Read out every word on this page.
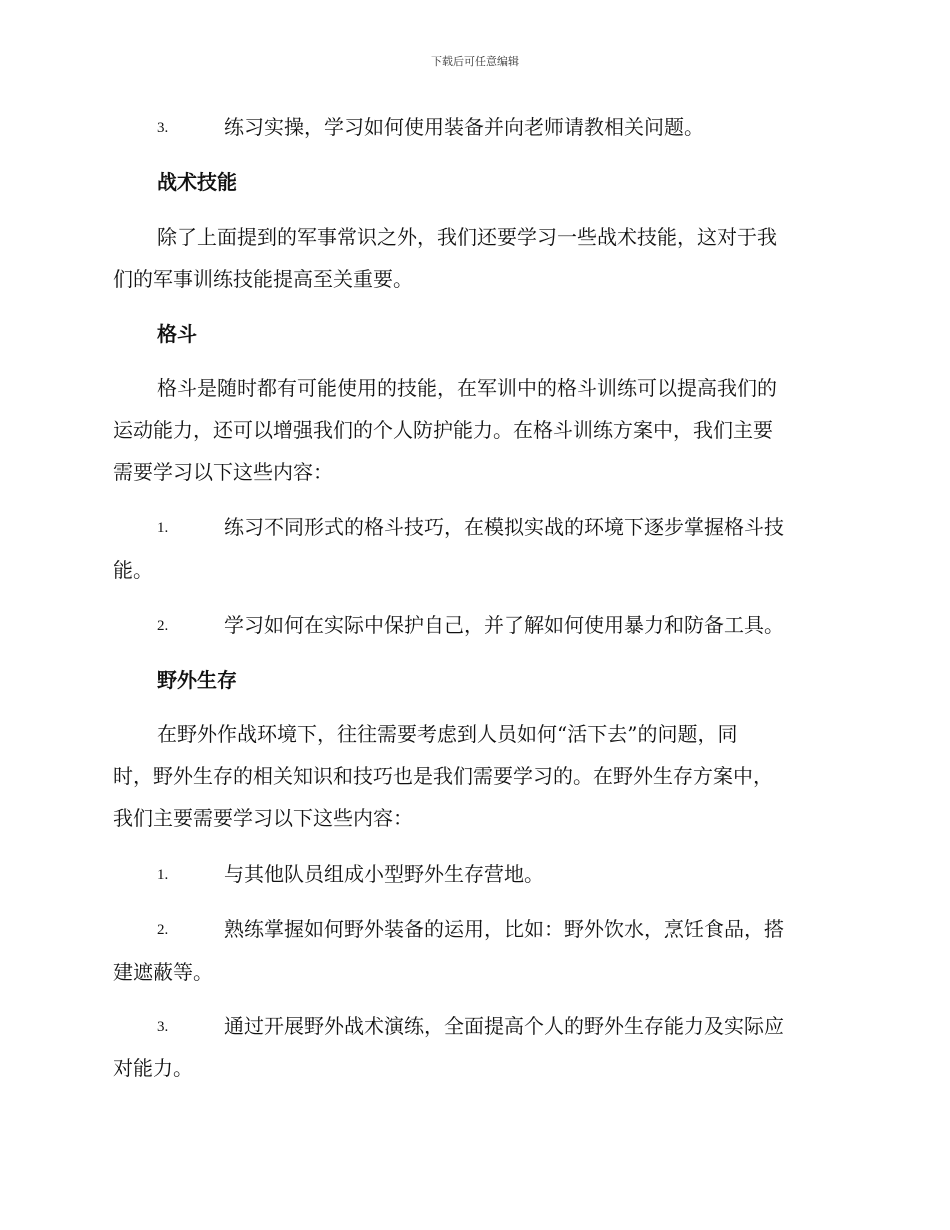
下载后可任意编辑
3.	练习实操，学习如何使用装备并向老师请教相关问题。
战术技能
除了上面提到的军事常识之外，我们还要学习一些战术技能，这对于我
们的军事训练技能提高至关重要。
格斗
格斗是随时都有可能使用的技能，在军训中的格斗训练可以提高我们的
运动能力，还可以增强我们的个人防护能力。在格斗训练方案中，我们主要
需要学习以下这些内容：
1.	练习不同形式的格斗技巧，在模拟实战的环境下逐步掌握格斗技
能。
2.	学习如何在实际中保护自己，并了解如何使用暴力和防备工具。
野外生存
在野外作战环境下，往往需要考虑到人员如何“活下去”的问题，同
时，野外生存的相关知识和技巧也是我们需要学习的。在野外生存方案中，
我们主要需要学习以下这些内容：
1.	与其他队员组成小型野外生存营地。
2.	熟练掌握如何野外装备的运用，比如：野外饮水，烹饪食品，搭
建遮蔽等。
3.	通过开展野外战术演练，全面提高个人的野外生存能力及实际应
对能力。
